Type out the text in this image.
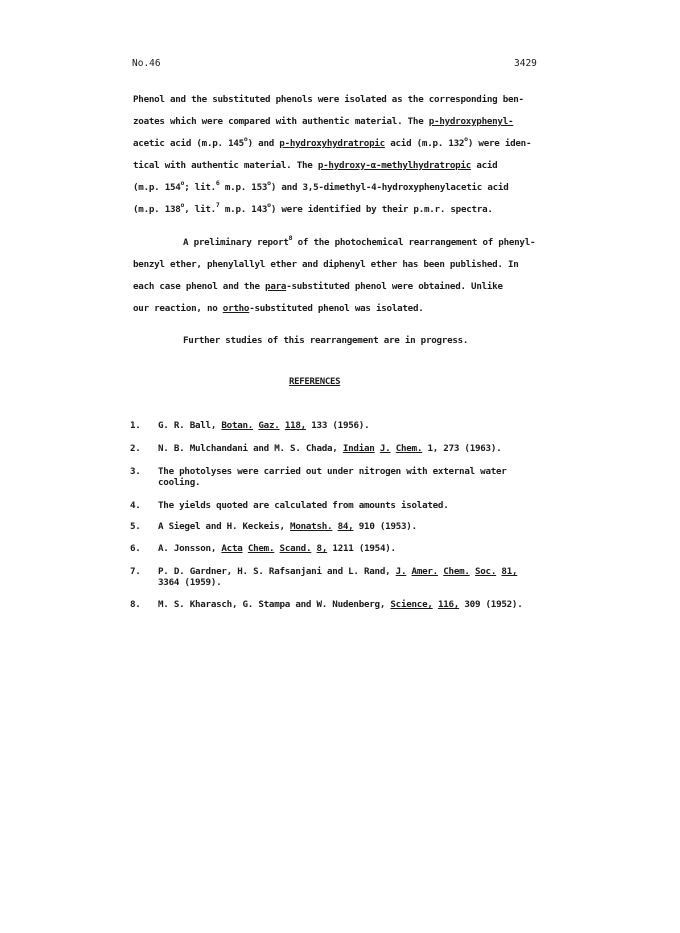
No.46	3429
Phenol and the substituted phenols were isolated as the corresponding ben-
zoates which were compared with authentic material. The p-hydroxyphenyl-
acetic acid (m.p. 145$^o$) and p-hydroxyhydratropic acid (m.p. 132$^o$) were iden-
tical with authentic material. The p-hydroxy-α-methylhydratropic acid
(m.p. 154$^o$; lit.$^6$ m.p. 153$^o$) and 3,5-dimethyl-4-hydroxyphenylacetic acid
(m.p. 138$^o$, lit.$^7$ m.p. 143$^o$) were identified by their p.m.r. spectra.
A preliminary report$^8$ of the photochemical rearrangement of phenyl-
benzyl ether, phenylallyl ether and diphenyl ether has been published. In
each case phenol and the para-substituted phenol were obtained. Unlike
our reaction, no ortho-substituted phenol was isolated.
Further studies of this rearrangement are in progress.
REFERENCES
1. G. R. Ball, Botan. Gaz. 118, 133 (1956).
2. N. B. Mulchandani and M. S. Chada, Indian J. Chem. 1, 273 (1963).
3. The photolyses were carried out under nitrogen with external water
cooling.
4. The yields quoted are calculated from amounts isolated.
5. A Siegel and H. Keckeis, Monatsh. 84, 910 (1953).
6. A. Jonsson, Acta Chem. Scand. 8, 1211 (1954).
7. P. D. Gardner, H. S. Rafsanjani and L. Rand, J. Amer. Chem. Soc. 81,
3364 (1959).
8. M. S. Kharasch, G. Stampa and W. Nudenberg, Science, 116, 309 (1952).
